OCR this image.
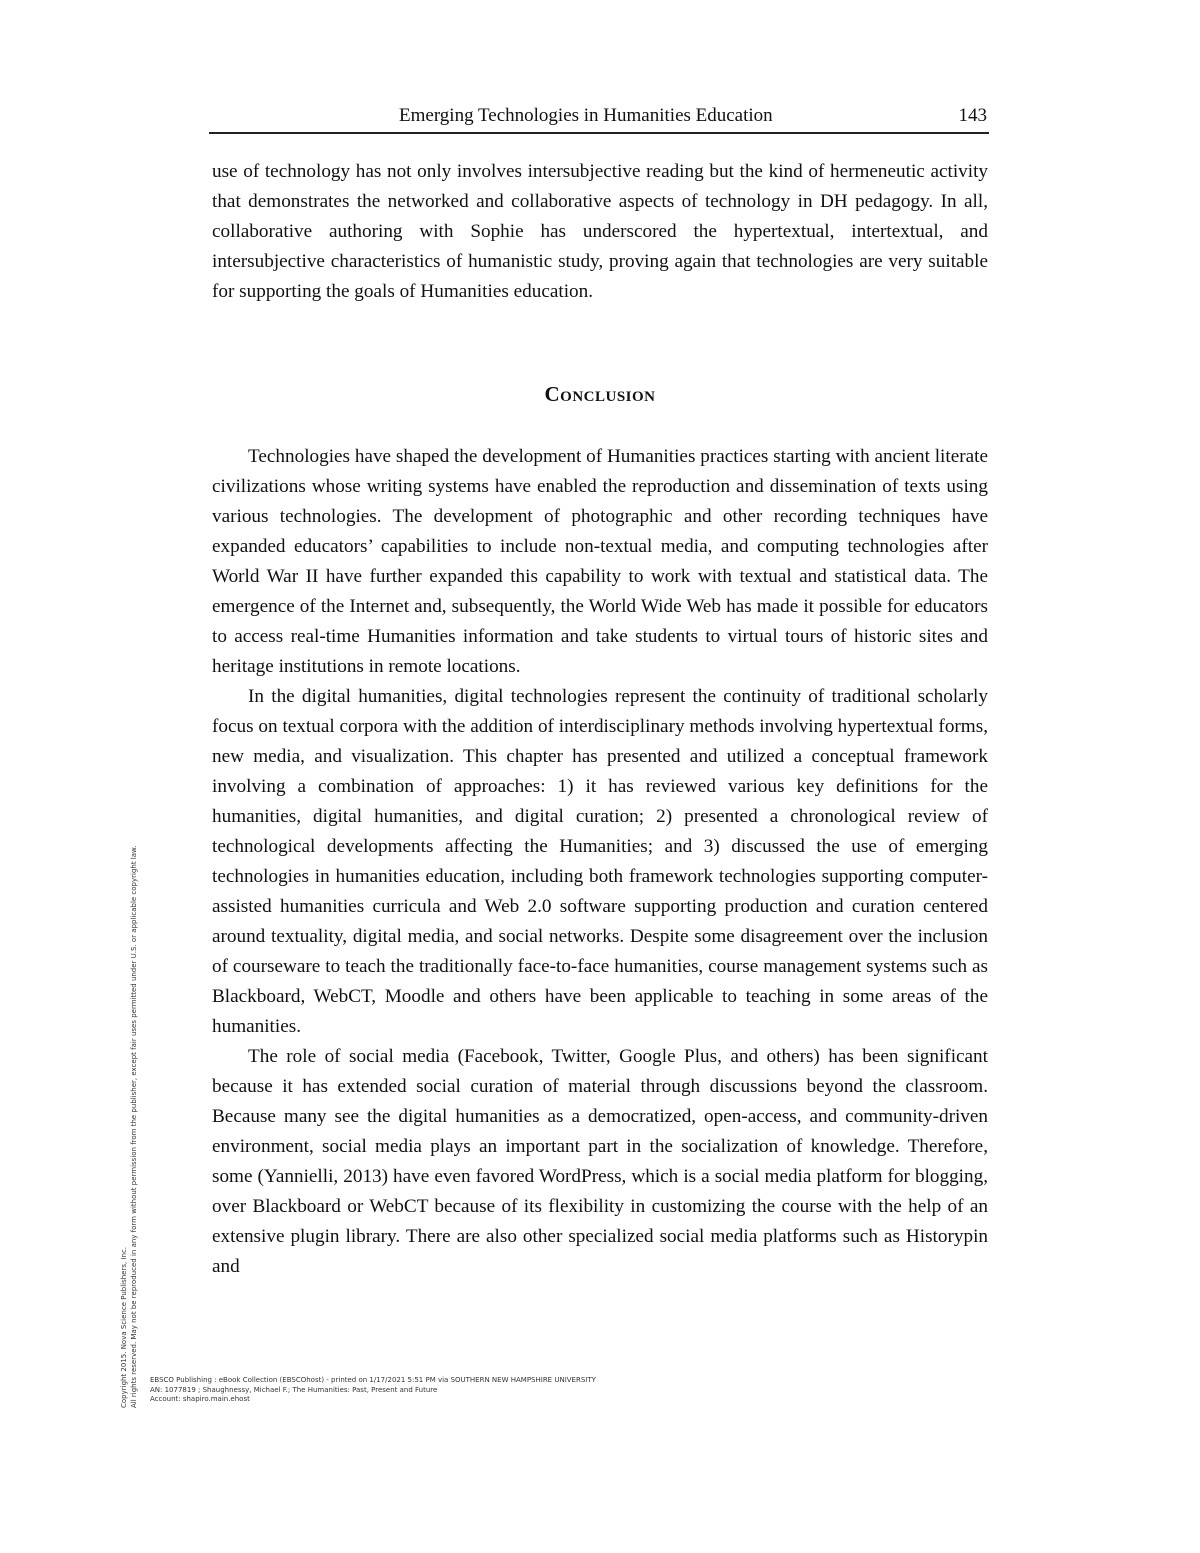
Emerging Technologies in Humanities Education	143

use of technology has not only involves intersubjective reading but the kind of hermeneutic activity that demonstrates the networked and collaborative aspects of technology in DH pedagogy. In all, collaborative authoring with Sophie has underscored the hypertextual, intertextual, and intersubjective characteristics of humanistic study, proving again that technologies are very suitable for supporting the goals of Humanities education.

Conclusion

Technologies have shaped the development of Humanities practices starting with ancient literate civilizations whose writing systems have enabled the reproduction and dissemination of texts using various technologies. The development of photographic and other recording techniques have expanded educators’ capabilities to include non-textual media, and computing technologies after World War II have further expanded this capability to work with textual and statistical data. The emergence of the Internet and, subsequently, the World Wide Web has made it possible for educators to access real-time Humanities information and take students to virtual tours of historic sites and heritage institutions in remote locations.

In the digital humanities, digital technologies represent the continuity of traditional scholarly focus on textual corpora with the addition of interdisciplinary methods involving hypertextual forms, new media, and visualization. This chapter has presented and utilized a conceptual framework involving a combination of approaches: 1) it has reviewed various key definitions for the humanities, digital humanities, and digital curation; 2) presented a chronological review of technological developments affecting the Humanities; and 3) discussed the use of emerging technologies in humanities education, including both framework technologies supporting computer-assisted humanities curricula and Web 2.0 software supporting production and curation centered around textuality, digital media, and social networks. Despite some disagreement over the inclusion of courseware to teach the traditionally face-to-face humanities, course management systems such as Blackboard, WebCT, Moodle and others have been applicable to teaching in some areas of the humanities.

The role of social media (Facebook, Twitter, Google Plus, and others) has been significant because it has extended social curation of material through discussions beyond the classroom. Because many see the digital humanities as a democratized, open-access, and community-driven environment, social media plays an important part in the socialization of knowledge. Therefore, some (Yannielli, 2013) have even favored WordPress, which is a social media platform for blogging, over Blackboard or WebCT because of its flexibility in customizing the course with the help of an extensive plugin library. There are also other specialized social media platforms such as Historypin and

Copyright 2015. Nova Science Publishers, Inc. All rights reserved. May not be reproduced in any form without permission from the publisher, except fair uses permitted under U.S. or applicable copyright law. EBSCO Publishing : eBook Collection (EBSCOhost) - printed on 1/17/2021 5:51 PM via SOUTHERN NEW HAMPSHIRE UNIVERSITY
AN: 1077819 ; Shaughnessy, Michael F.; The Humanities: Past, Present and Future
Account: shapiro.main.ehost
